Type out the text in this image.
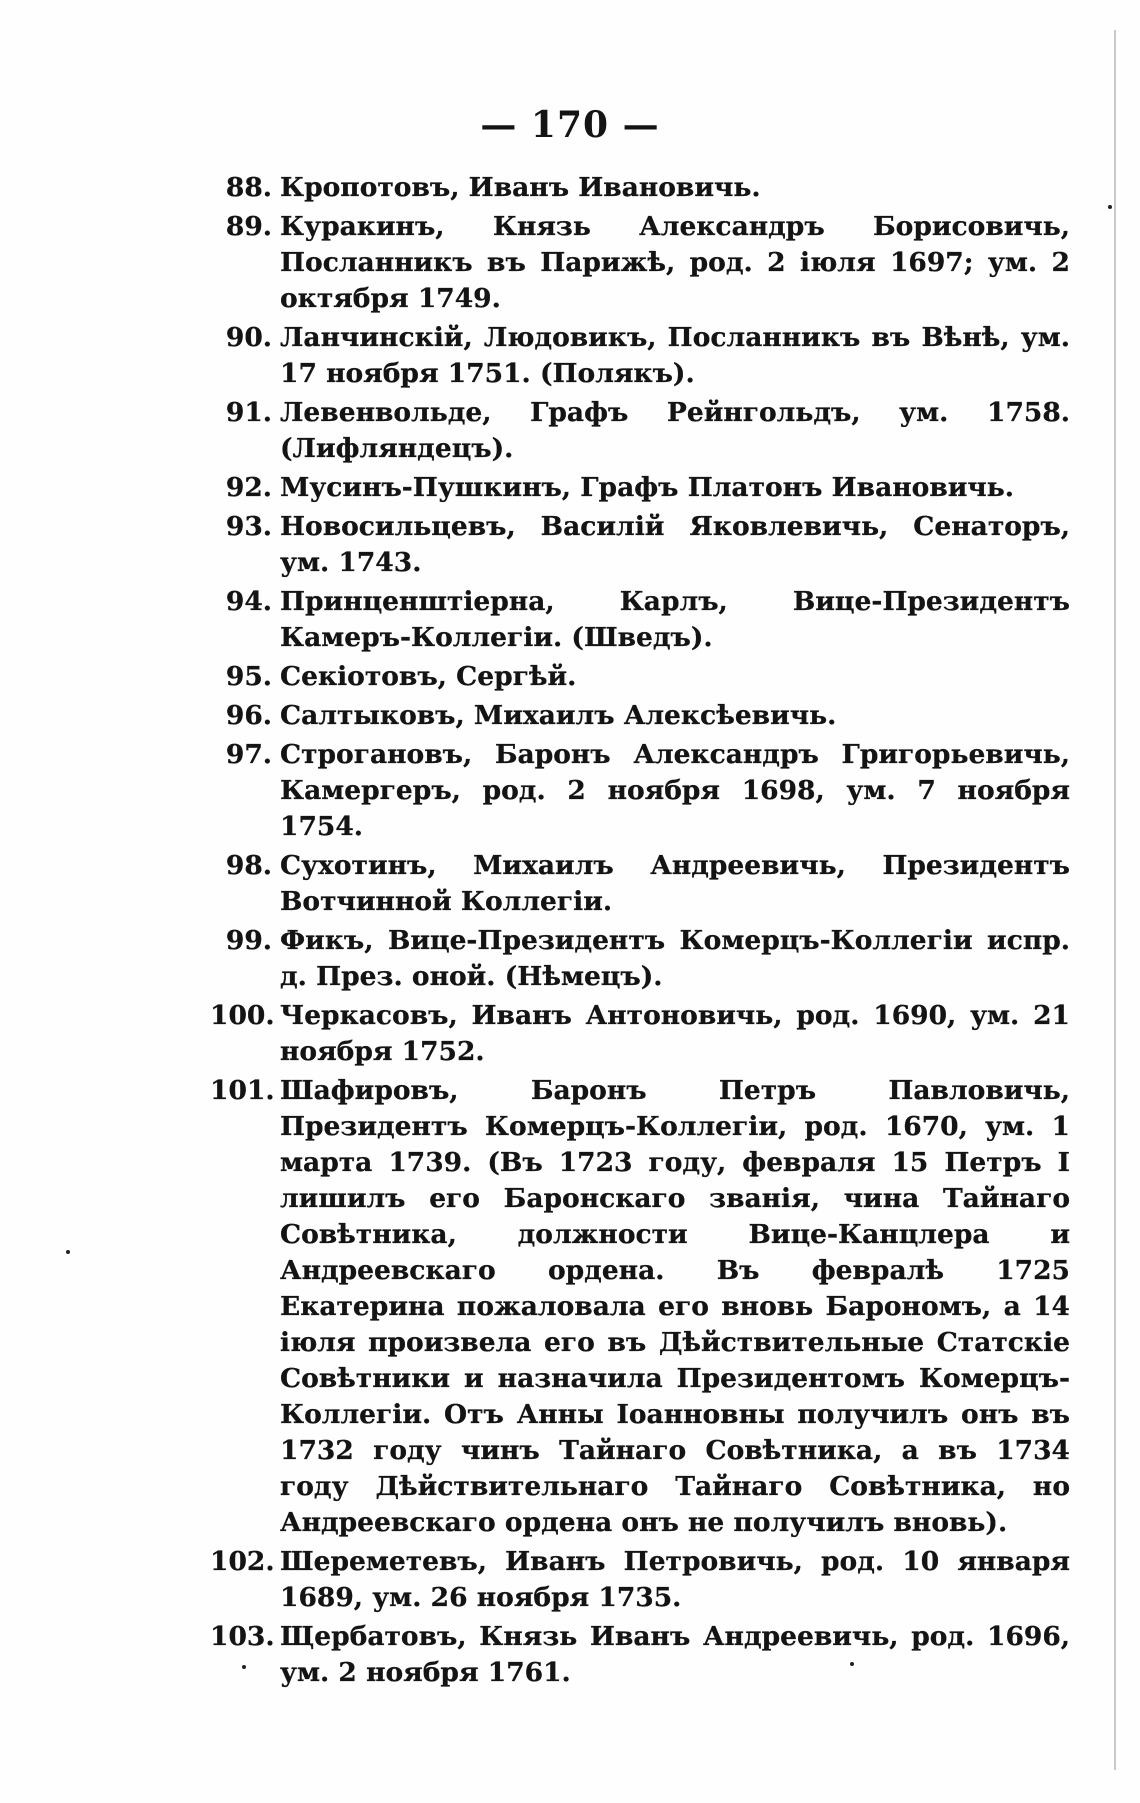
— 170 —
88. Кропотовъ, Иванъ Ивановичь.
89. Куракинъ, Князь Александръ Борисовичь, Посланникъ въ Парижѣ, род. 2 іюля 1697; ум. 2 октября 1749.
90. Ланчинскій, Людовикъ, Посланникъ въ Вѣнѣ, ум. 17 ноября 1751. (Полякъ).
91. Левенвольде, Графъ Рейнгольдъ, ум. 1758. (Лифляндецъ).
92. Мусинъ-Пушкинъ, Графъ Платонъ Ивановичь.
93. Новосильцевъ, Василій Яковлевичь, Сенаторъ, ум. 1743.
94. Принценштіерна, Карлъ, Вице-Президентъ Камеръ-Коллегіи. (Шведъ).
95. Секіотовъ, Сергѣй.
96. Салтыковъ, Михаилъ Алексѣевичь.
97. Строгановъ, Баронъ Александръ Григорьевичь, Камергеръ, род. 2 ноября 1698, ум. 7 ноября 1754.
98. Сухотинъ, Михаилъ Андреевичь, Президентъ Вотчинной Коллегіи.
99. Фикъ, Вице-Президентъ Комерцъ-Коллегіи испр. д. През. оной. (Нѣмецъ).
100. Черкасовъ, Иванъ Антоновичь, род. 1690, ум. 21 ноября 1752.
101. Шафировъ, Баронъ Петръ Павловичь, Президентъ Комерцъ-Коллегіи, род. 1670, ум. 1 марта 1739. (Въ 1723 году, февраля 15 Петръ I лишилъ его Баронскаго званія, чина Тайнаго Совѣтника, должности Вице-Канцлера и Андреевскаго ордена. Въ февралѣ 1725 Екатерина пожаловала его вновь Барономъ, а 14 іюля произвела его въ Дѣйствительные Статскіе Совѣтники и назначила Президентомъ Комерцъ-Коллегіи. Отъ Анны Іоанновны получилъ онъ въ 1732 году чинъ Тайнаго Совѣтника, а въ 1734 году Дѣйствительнаго Тайнаго Совѣтника, но Андреевскаго ордена онъ не получилъ вновь).
102. Шереметевъ, Иванъ Петровичь, род. 10 января 1689, ум. 26 ноября 1735.
103. Щербатовъ, Князь Иванъ Андреевичь, род. 1696, ум. 2 ноября 1761.
